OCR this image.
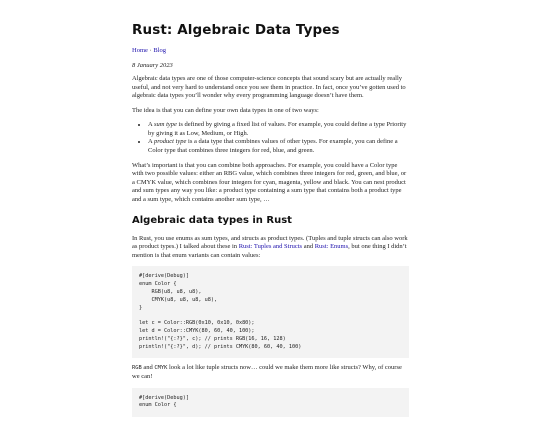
Rust: Algebraic Data Types
Home · Blog
8 January 2023

Algebraic data types are one of those computer-science concepts that sound scary but are actually really useful, and not very hard to understand once you see them in practice. In fact, once you’ve gotten used to algebraic data types you’ll wonder why every programming language doesn’t have them.

The idea is that you can define your own data types in one of two ways:

• A sum type is defined by giving a fixed list of values. For example, you could define a type Priority by giving it as Low, Medium, or High.
• A product type is a data type that combines values of other types. For example, you can define a Color type that combines three integers for red, blue, and green.

What’s important is that you can combine both approaches. For example, you could have a Color type with two possible values: either an RBG value, which combines three integers for red, green, and blue, or a CMYK value, which combines four integers for cyan, magenta, yellow and black. You can nest product and sum types any way you like: a product type containing a sum type that contains both a product type and a sum type, which contains another sum type, …

Algebraic data types in Rust

In Rust, you use enums as sum types, and structs as product types. (Tuples and tuple structs can also work as product types.) I talked about these in Rust: Tuples and Structs and Rust: Enums, but one thing I didn’t mention is that enum variants can contain values:

#[derive(Debug)]
enum Color {
RGB(u8, u8, u8),
CMYK(u8, u8, u8, u8),
}

let c = Color::RGB(0x10, 0x10, 0x80);
let d = Color::CMYK(80, 60, 40, 100);
println!("{:?}", c); // prints RGB(16, 16, 128)
println!("{:?}", d); // prints CMYK(80, 60, 40, 100)

RGB and CMYK look a lot like tuple structs now… could we make them more like structs? Why, of course we can!

#[derive(Debug)]
enum Color {
